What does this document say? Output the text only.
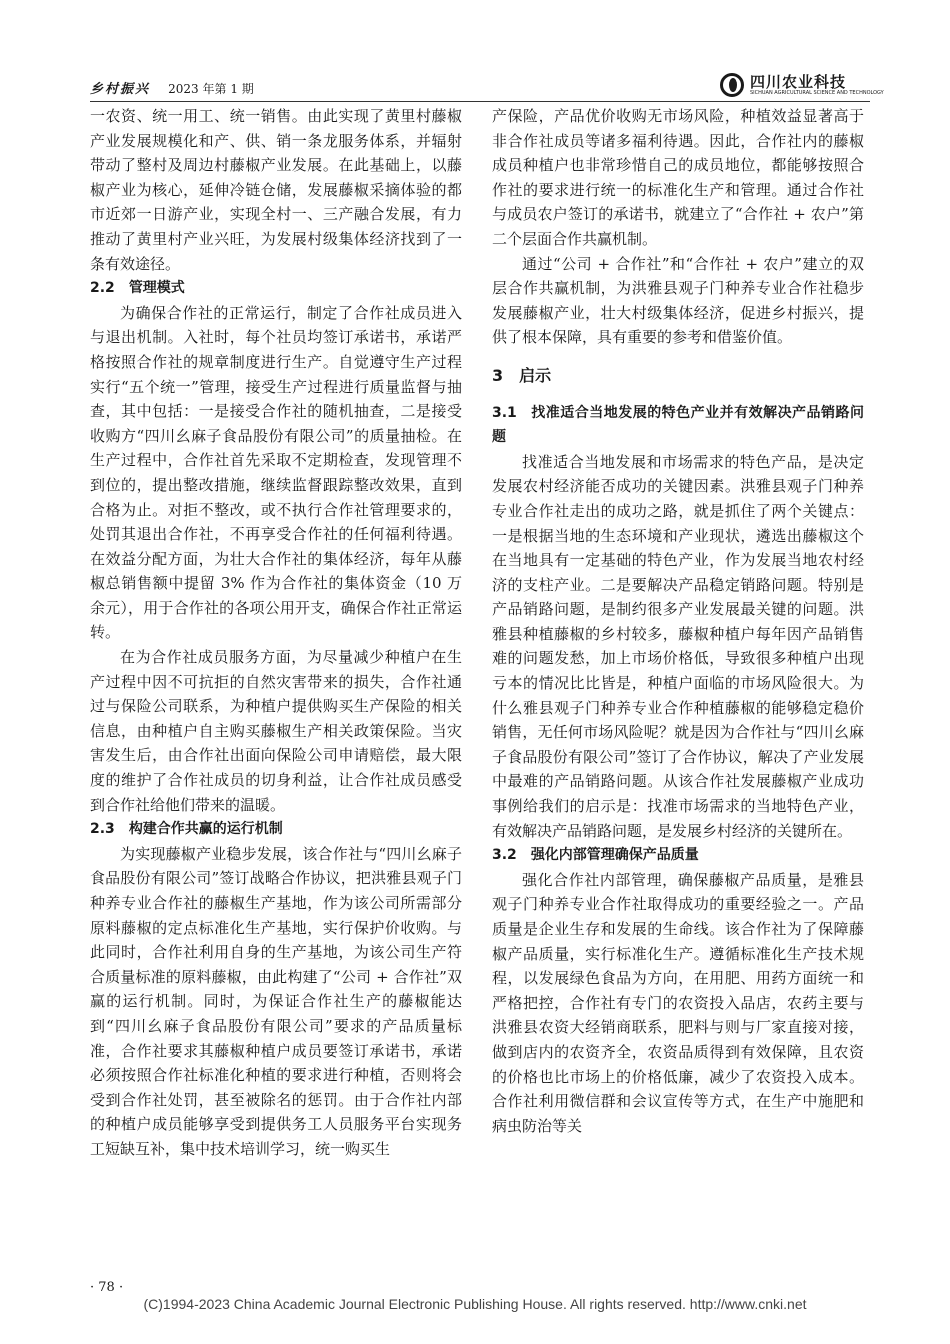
乡村振兴 2023 年第 1 期	四川农业科技
SICHUAN AGRICULTURAL SCIENCE AND TECHNOLOGY

一农资、统一用工、统一销售。由此实现了黄里村藤椒产业发展规模化和产、供、销一条龙服务体系，并辐射带动了整村及周边村藤椒产业发展。在此基础上，以藤椒产业为核心，延伸冷链仓储，发展藤椒采摘体验的都市近郊一日游产业，实现全村一、三产融合发展，有力推动了黄里村产业兴旺，为发展村级集体经济找到了一条有效途径。

2.2 管理模式

为确保合作社的正常运行，制定了合作社成员进入与退出机制。入社时，每个社员均签订承诺书，承诺严格按照合作社的规章制度进行生产。自觉遵守生产过程实行“五个统一”管理，接受生产过程进行质量监督与抽查，其中包括：一是接受合作社的随机抽查，二是接受收购方“四川幺麻子食品股份有限公司”的质量抽检。在生产过程中，合作社首先采取不定期检查，发现管理不到位的，提出整改措施，继续监督跟踪整改效果，直到合格为止。对拒不整改，或不执行合作社管理要求的，处罚其退出合作社，不再享受合作社的任何福利待遇。在效益分配方面，为壮大合作社的集体经济，每年从藤椒总销售额中提留 3% 作为合作社的集体资金（10 万余元），用于合作社的各项公用开支，确保合作社正常运转。

在为合作社成员服务方面，为尽量减少种植户在生产过程中因不可抗拒的自然灾害带来的损失，合作社通过与保险公司联系，为种植户提供购买生产保险的相关信息，由种植户自主购买藤椒生产相关政策保险。当灾害发生后，由合作社出面向保险公司申请赔偿，最大限度的维护了合作社成员的切身利益，让合作社成员感受到合作社给他们带来的温暖。

2.3 构建合作共赢的运行机制

为实现藤椒产业稳步发展，该合作社与“四川幺麻子食品股份有限公司”签订战略合作协议，把洪雅县观子门种养专业合作社的藤椒生产基地，作为该公司所需部分原料藤椒的定点标准化生产基地，实行保护价收购。与此同时，合作社利用自身的生产基地，为该公司生产符合质量标准的原料藤椒，由此构建了“公司 + 合作社”双赢的运行机制。同时，为保证合作社生产的藤椒能达到“四川幺麻子食品股份有限公司”要求的产品质量标准，合作社要求其藤椒种植户成员要签订承诺书，承诺必须按照合作社标准化种植的要求进行种植，否则将会受到合作社处罚，甚至被除名的惩罚。由于合作社内部的种植户成员能够享受到提供务工人员服务平台实现务工短缺互补，集中技术培训学习，统一购买生

产保险，产品优价收购无市场风险，种植效益显著高于非合作社成员等诸多福利待遇。因此，合作社内的藤椒成员种植户也非常珍惜自己的成员地位，都能够按照合作社的要求进行统一的标准化生产和管理。通过合作社与成员农户签订的承诺书，就建立了“合作社 + 农户”第二个层面合作共赢机制。

通过“公司 + 合作社”和“合作社 + 农户”建立的双层合作共赢机制，为洪雅县观子门种养专业合作社稳步发展藤椒产业，壮大村级集体经济，促进乡村振兴，提供了根本保障，具有重要的参考和借鉴价值。

3 启示

3.1 找准适合当地发展的特色产业并有效解决产品销路问题

找准适合当地发展和市场需求的特色产品，是决定发展农村经济能否成功的关键因素。洪雅县观子门种养专业合作社走出的成功之路，就是抓住了两个关键点：一是根据当地的生态环境和产业现状，遴选出藤椒这个在当地具有一定基础的特色产业，作为发展当地农村经济的支柱产业。二是要解决产品稳定销路问题。特别是产品销路问题，是制约很多产业发展最关键的问题。洪雅县种植藤椒的乡村较多，藤椒种植户每年因产品销售难的问题发愁，加上市场价格低，导致很多种植户出现亏本的情况比比皆是，种植户面临的市场风险很大。为什么雅县观子门种养专业合作种植藤椒的能够稳定稳价销售，无任何市场风险呢？就是因为合作社与“四川幺麻子食品股份有限公司”签订了合作协议，解决了产业发展中最难的产品销路问题。从该合作社发展藤椒产业成功事例给我们的启示是：找准市场需求的当地特色产业，有效解决产品销路问题，是发展乡村经济的关键所在。

3.2 强化内部管理确保产品质量

强化合作社内部管理，确保藤椒产品质量，是雅县观子门种养专业合作社取得成功的重要经验之一。产品质量是企业生存和发展的生命线。该合作社为了保障藤椒产品质量，实行标准化生产。遵循标准化生产技术规程，以发展绿色食品为方向，在用肥、用药方面统一和严格把控，合作社有专门的农资投入品店，农药主要与洪雅县农资大经销商联系，肥料与则与厂家直接对接，做到店内的农资齐全，农资品质得到有效保障，且农资的价格也比市场上的价格低廉，减少了农资投入成本。合作社利用微信群和会议宣传等方式，在生产中施肥和病虫防治等关

· 78 ·
(C)1994-2023 China Academic Journal Electronic Publishing House. All rights reserved. http://www.cnki.net
